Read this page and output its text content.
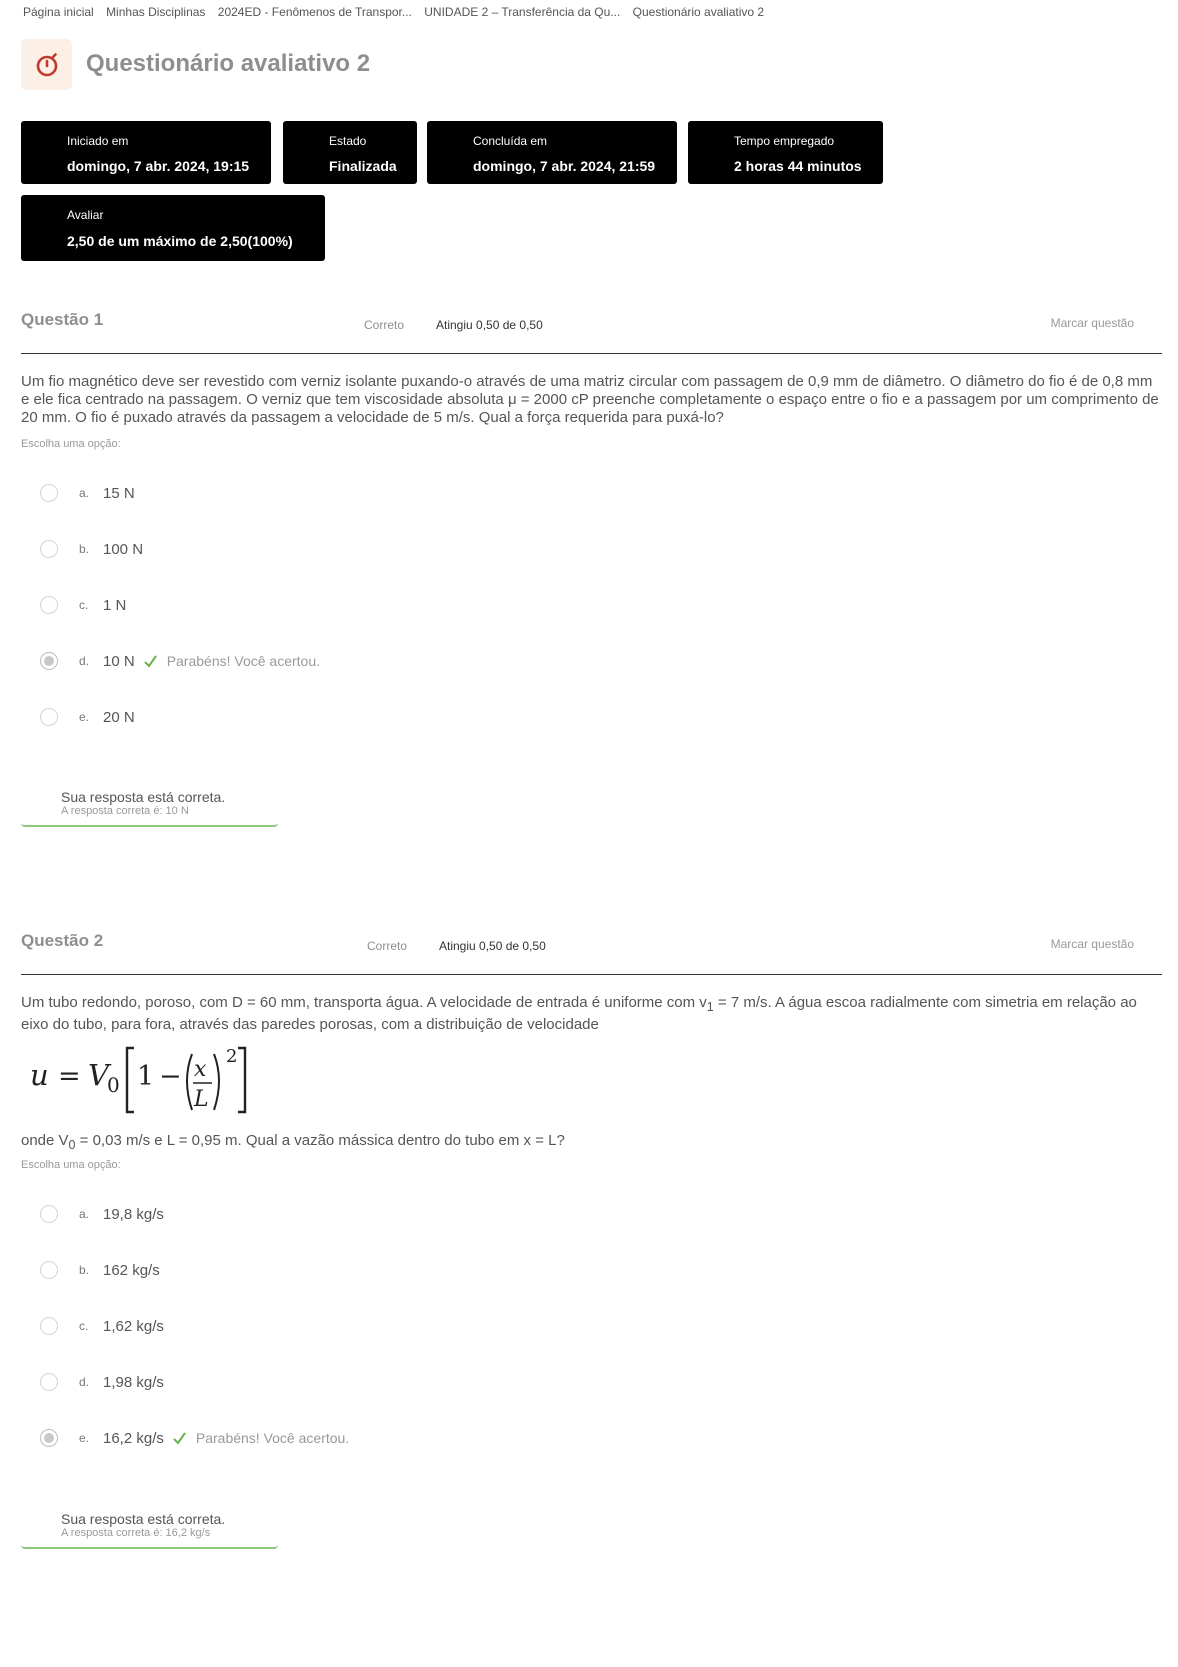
Página inicial Minhas Disciplinas 2024ED - Fenômenos de Transpor... UNIDADE 2 – Transferência da Qu... Questionário avaliativo 2
Questionário avaliativo 2
Iniciado em
domingo, 7 abr. 2024, 19:15
Estado
Finalizada
Concluída em
domingo, 7 abr. 2024, 21:59
Tempo empregado
2 horas 44 minutos
Avaliar
2,50 de um máximo de 2,50(100%)
Questão 1	Correto	Atingiu 0,50 de 0,50	Marcar questão
Um fio magnético deve ser revestido com verniz isolante puxando-o através de uma matriz circular com passagem de 0,9 mm de diâmetro. O diâmetro do fio é de 0,8 mm e ele fica centrado na passagem. O verniz que tem viscosidade absoluta μ = 2000 cP preenche completamente o espaço entre o fio e a passagem por um comprimento de 20 mm. O fio é puxado através da passagem a velocidade de 5 m/s. Qual a força requerida para puxá-lo?
Escolha uma opção:
a. 15 N
b. 100 N
c. 1 N
d. 10 N Parabéns! Você acertou.
e. 20 N
Sua resposta está correta.
A resposta correta é: 10 N
Questão 2	Correto	Atingiu 0,50 de 0,50	Marcar questão
Um tubo redondo, poroso, com D = 60 mm, transporta água. A velocidade de entrada é uniforme com $v_1 = 7$ m/s. A água escoa radialmente com simetria em relação ao eixo do tubo, para fora, através das paredes porosas, com a distribuição de velocidade
u = V
0 1 − x
L
2
onde $V_0 = 0,03$ m/s e L = 0,95 m. Qual a vazão mássica dentro do tubo em x = L?
Escolha uma opção:
a. 19,8 kg/s
b. 162 kg/s
c. 1,62 kg/s
d. 1,98 kg/s
e. 16,2 kg/s Parabéns! Você acertou.
Sua resposta está correta.
A resposta correta é: 16,2 kg/s
